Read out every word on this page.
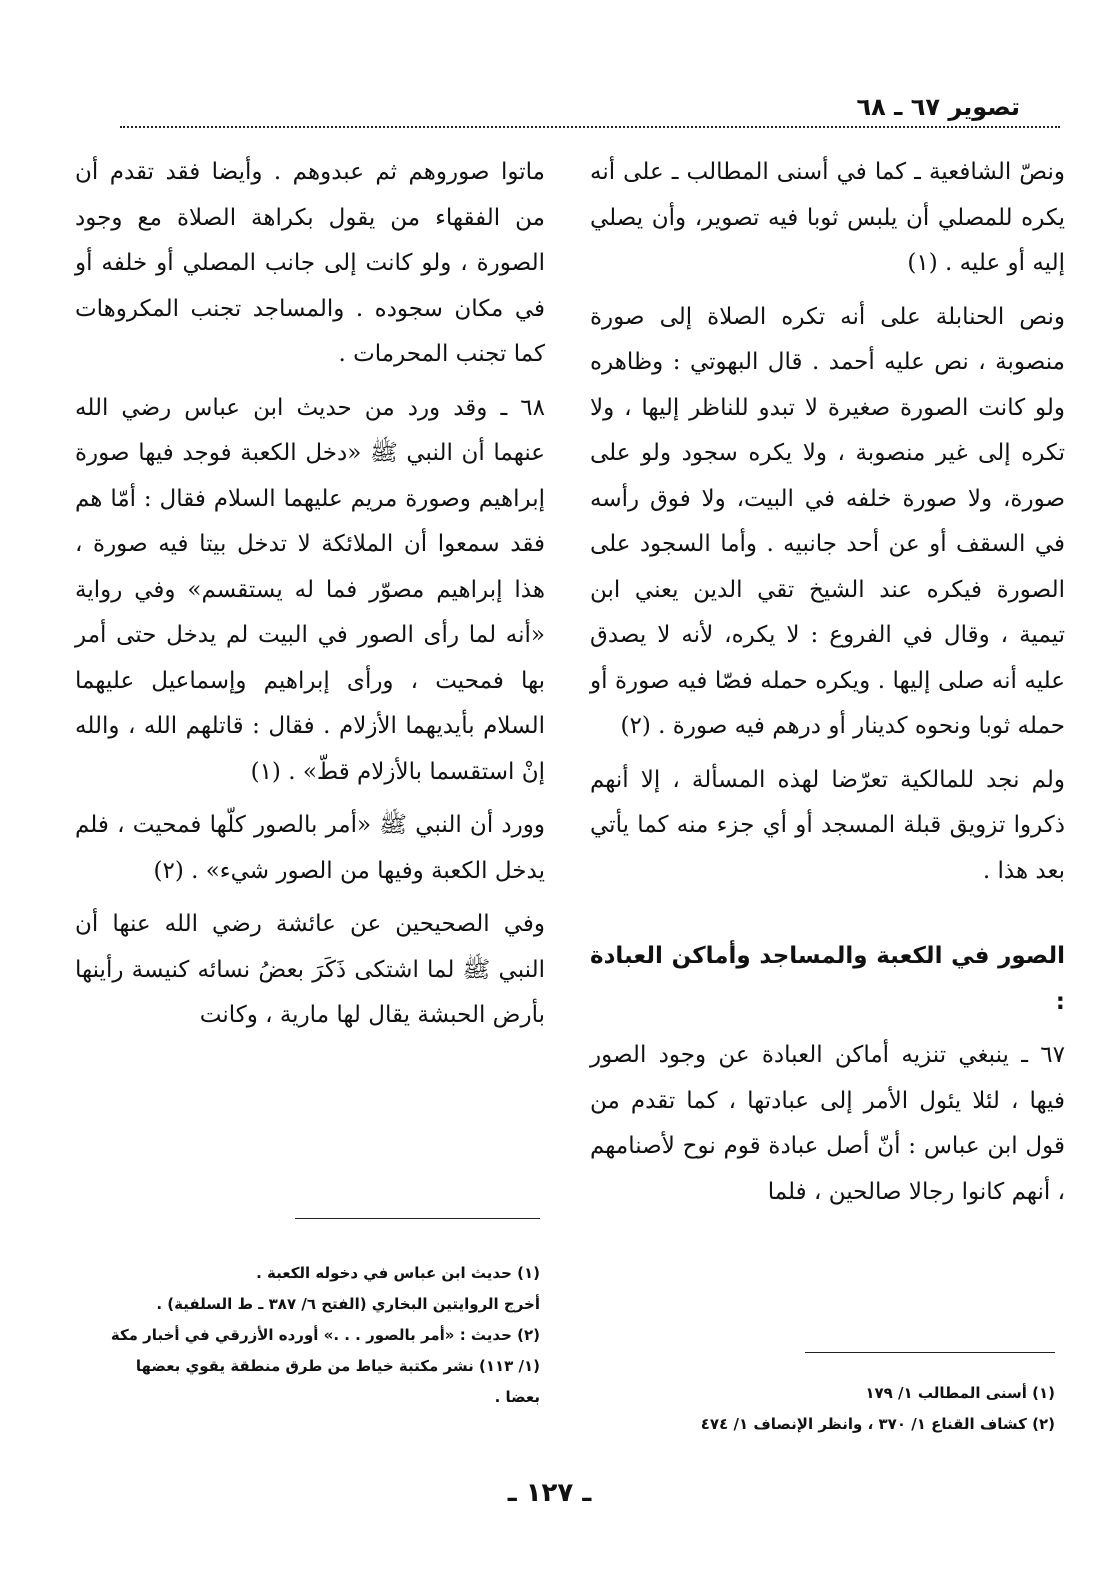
تصوير ٦٧ ـ ٦٨

ونصّ الشافعية ـ كما في أسنى المطالب ـ على أنه يكره للمصلي أن يلبس ثوبا فيه تصوير، وأن يصلي إليه أو عليه . (١)

ونص الحنابلة على أنه تكره الصلاة إلى صورة منصوبة ، نص عليه أحمد . قال البهوتي : وظاهره ولو كانت الصورة صغيرة لا تبدو للناظر إليها ، ولا تكره إلى غير منصوبة ، ولا يكره سجود ولو على صورة، ولا صورة خلفه في البيت، ولا فوق رأسه في السقف أو عن أحد جانبيه . وأما السجود على الصورة فيكره عند الشيخ تقي الدين يعني ابن تيمية ، وقال في الفروع : لا يكره، لأنه لا يصدق عليه أنه صلى إليها . ويكره حمله فصّا فيه صورة أو حمله ثوبا ونحوه كدينار أو درهم فيه صورة . (٢)

ولم نجد للمالكية تعرّضا لهذه المسألة ، إلا أنهم ذكروا تزويق قبلة المسجد أو أي جزء منه كما يأتي بعد هذا .

الصور في الكعبة والمساجد وأماكن العبادة :

٦٧ ـ ينبغي تنزيه أماكن العبادة عن وجود الصور فيها ، لئلا يئول الأمر إلى عبادتها ، كما تقدم من قول ابن عباس : أنّ أصل عبادة قوم نوح لأصنامهم ، أنهم كانوا رجالا صالحين ، فلما

ماتوا صوروهم ثم عبدوهم . وأيضا فقد تقدم أن من الفقهاء من يقول بكراهة الصلاة مع وجود الصورة ، ولو كانت إلى جانب المصلي أو خلفه أو في مكان سجوده . والمساجد تجنب المكروهات كما تجنب المحرمات .

٦٨ ـ وقد ورد من حديث ابن عباس رضي الله عنهما أن النبي ﷺ «دخل الكعبة فوجد فيها صورة إبراهيم وصورة مريم عليهما السلام فقال : أمّا هم فقد سمعوا أن الملائكة لا تدخل بيتا فيه صورة ، هذا إبراهيم مصوّر فما له يستقسم» وفي رواية «أنه لما رأى الصور في البيت لم يدخل حتى أمر بها فمحيت ، ورأى إبراهيم وإسماعيل عليهما السلام بأيديهما الأزلام . فقال : قاتلهم الله ، والله إنْ استقسما بالأزلام قطّ» . (١)

وورد أن النبي ﷺ «أمر بالصور كلّها فمحيت ، فلم يدخل الكعبة وفيها من الصور شيء» . (٢)

وفي الصحيحين عن عائشة رضي الله عنها أن النبي ﷺ لما اشتكى ذَكَرَ بعضُ نسائه كنيسة رأينها بأرض الحبشة يقال لها مارية ، وكانت

(١) حديث ابن عباس في دخوله الكعبة .

أخرج الروايتين البخاري (الفتح ٦/ ٣٨٧ ـ ط السلفية) .

(٢) حديث : «أمر بالصور . . .» أورده الأزرقي في أخبار مكة

(١/ ١١٣) نشر مكتبة خياط من طرق منطقة يقوي بعضها

بعضا .	(١) أسنى المطالب ١/ ١٧٩

(٢) كشاف القناع ١/ ٣٧٠ ، وانظر الإنصاف ١/ ٤٧٤

ـ ١٢٧ ـ
